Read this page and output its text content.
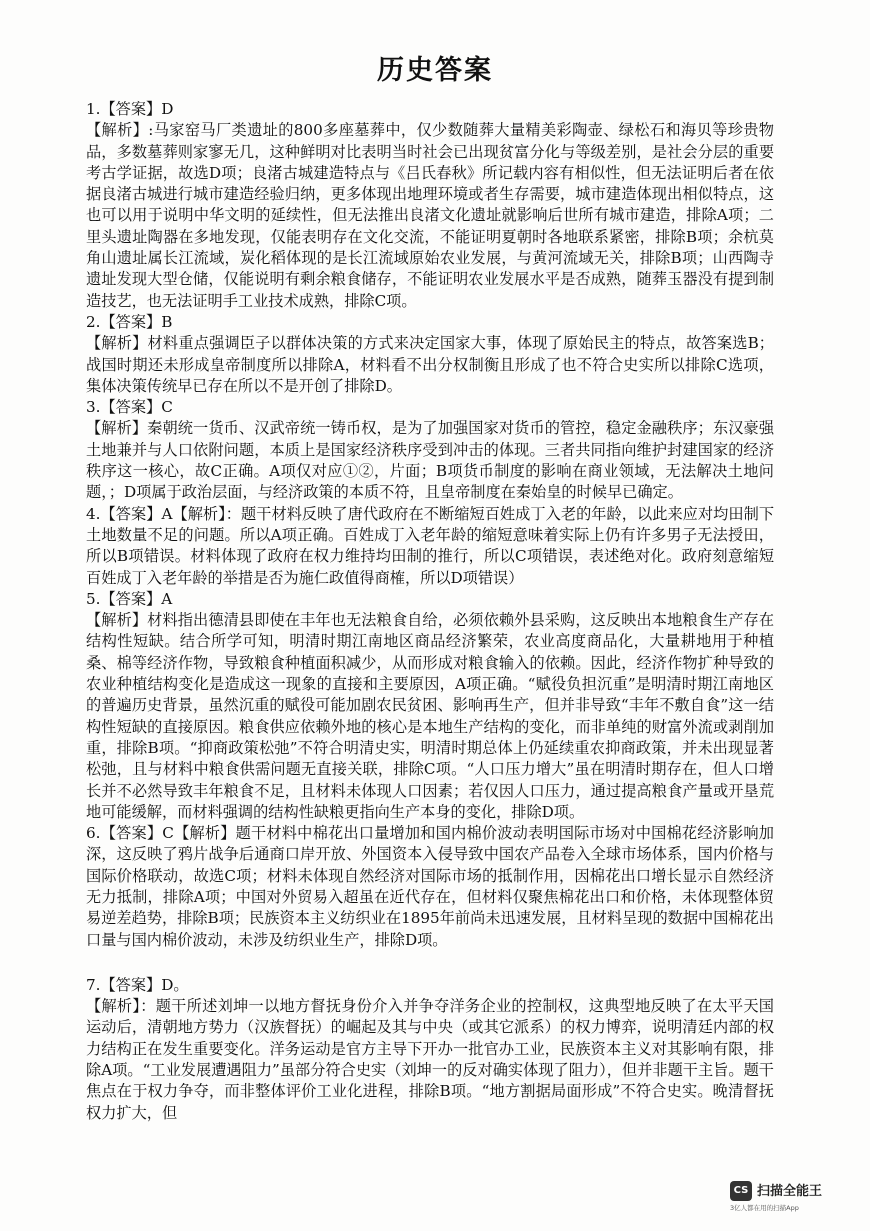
历史答案
1.【答案】D
【解析】:马家窑马厂类遗址的800多座墓葬中，仅少数随葬大量精美彩陶壶、绿松石和海贝等珍贵物品，多数墓葬则家寥无几，这种鲜明对比表明当时社会已出现贫富分化与等级差别，是社会分层的重要考古学证据，故选D项；良渚古城建造特点与《吕氏春秋》所记载内容有相似性，但无法证明后者在依据良渚古城进行城市建造经验归纳，更多体现出地理环境或者生存需要，城市建造体现出相似特点，这也可以用于说明中华文明的延续性，但无法推出良渚文化遗址就影响后世所有城市建造，排除A项；二里头遗址陶器在多地发现，仅能表明存在文化交流，不能证明夏朝时各地联系紧密，排除B项；余杭莫角山遗址属长江流域，炭化稻体现的是长江流域原始农业发展，与黄河流域无关，排除B项；山西陶寺遗址发现大型仓储，仅能说明有剩余粮食储存，不能证明农业发展水平是否成熟，随葬玉器没有提到制造技艺，也无法证明手工业技术成熟，排除C项。
2.【答案】B
【解析】材料重点强调臣子以群体决策的方式来决定国家大事，体现了原始民主的特点，故答案选B；战国时期还未形成皇帝制度所以排除A，材料看不出分权制衡且形成了也不符合史实所以排除C选项，集体决策传统早已存在所以不是开创了排除D。
3.【答案】C
【解析】秦朝统一货币、汉武帝统一铸币权，是为了加强国家对货币的管控，稳定金融秩序；东汉豪强土地兼并与人口依附问题，本质上是国家经济秩序受到冲击的体现。三者共同指向维护封建国家的经济秩序这一核心，故C正确。A项仅对应①②，片面；B项货币制度的影响在商业领域，无法解决土地问题，；D项属于政治层面，与经济政策的本质不符，且皇帝制度在秦始皇的时候早已确定。
4.【答案】A【解析】：题干材料反映了唐代政府在不断缩短百姓成丁入老的年龄，以此来应对均田制下土地数量不足的问题。所以A项正确。百姓成丁入老年龄的缩短意味着实际上仍有许多男子无法授田，所以B项错误。材料体现了政府在权力维持均田制的推行，所以C项错误，表述绝对化。政府刻意缩短百姓成丁入老年龄的举措是否为施仁政值得商榷，所以D项错误）
5.【答案】A
【解析】材料指出德清县即使在丰年也无法粮食自给，必须依赖外县采购，这反映出本地粮食生产存在结构性短缺。结合所学可知，明清时期江南地区商品经济繁荣，农业高度商品化，大量耕地用于种植桑、棉等经济作物，导致粮食种植面积减少，从而形成对粮食输入的依赖。因此，经济作物扩种导致的农业种植结构变化是造成这一现象的直接和主要原因，A项正确。“赋役负担沉重”是明清时期江南地区的普遍历史背景，虽然沉重的赋役可能加剧农民贫困、影响再生产，但并非导致“丰年不敷自食”这一结构性短缺的直接原因。粮食供应依赖外地的核心是本地生产结构的变化，而非单纯的财富外流或剥削加重，排除B项。“抑商政策松弛”不符合明清史实，明清时期总体上仍延续重农抑商政策，并未出现显著松弛，且与材料中粮食供需问题无直接关联，排除C项。“人口压力增大”虽在明清时期存在，但人口增长并不必然导致丰年粮食不足，且材料未体现人口因素；若仅因人口压力，通过提高粮食产量或开垦荒地可能缓解，而材料强调的结构性缺粮更指向生产本身的变化，排除D项。
6.【答案】C【解析】题干材料中棉花出口量增加和国内棉价波动表明国际市场对中国棉花经济影响加深，这反映了鸦片战争后通商口岸开放、外国资本入侵导致中国农产品卷入全球市场体系，国内价格与国际价格联动，故选C项；材料未体现自然经济对国际市场的抵制作用，因棉花出口增长显示自然经济无力抵制，排除A项；中国对外贸易入超虽在近代存在，但材料仅聚焦棉花出口和价格，未体现整体贸易逆差趋势，排除B项；民族资本主义纺织业在1895年前尚未迅速发展，且材料呈现的数据中国棉花出口量与国内棉价波动，未涉及纺织业生产，排除D项。
7.【答案】D。
【解析】：题干所述刘坤一以地方督抚身份介入并争夺洋务企业的控制权，这典型地反映了在太平天国运动后，清朝地方势力（汉族督抚）的崛起及其与中央（或其它派系）的权力博弈，说明清廷内部的权力结构正在发生重要变化。洋务运动是官方主导下开办一批官办工业，民族资本主义对其影响有限，排除A项。“工业发展遭遇阻力”虽部分符合史实（刘坤一的反对确实体现了阻力），但并非题干主旨。题干焦点在于权力争夺，而非整体评价工业化进程，排除B项。“地方割据局面形成”不符合史实。晚清督抚权力扩大，但
CS 扫描全能王
3亿人都在用的扫描App
